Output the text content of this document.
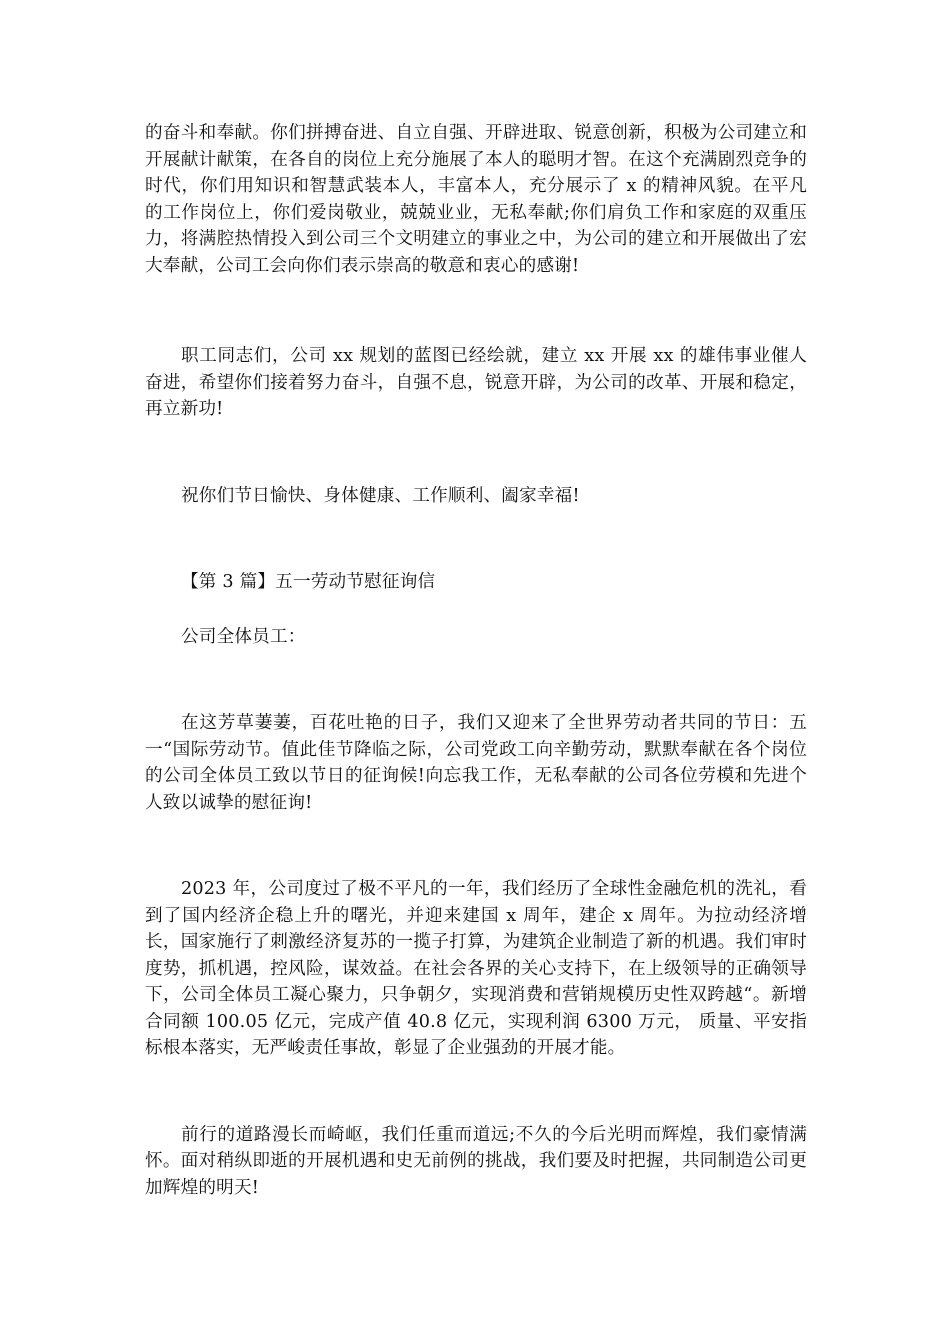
的奋斗和奉献。你们拼搏奋进、自立自强、开辟进取、锐意创新，积极为公司建立和开展献计献策，在各自的岗位上充分施展了本人的聪明才智。在这个充满剧烈竞争的时代，你们用知识和智慧武装本人，丰富本人，充分展示了 x 的精神风貌。在平凡的工作岗位上，你们爱岗敬业，兢兢业业，无私奉献;你们肩负工作和家庭的双重压力，将满腔热情投入到公司三个文明建立的事业之中，为公司的建立和开展做出了宏大奉献，公司工会向你们表示崇高的敬意和衷心的感谢!

职工同志们，公司 xx 规划的蓝图已经绘就，建立 xx 开展 xx 的雄伟事业催人奋进，希望你们接着努力奋斗，自强不息，锐意开辟，为公司的改革、开展和稳定，再立新功!

祝你们节日愉快、身体健康、工作顺利、阖家幸福!

【第 3 篇】五一劳动节慰征询信

公司全体员工：

在这芳草萋萋，百花吐艳的日子，我们又迎来了全世界劳动者共同的节日：五一“国际劳动节。值此佳节降临之际，公司党政工向辛勤劳动，默默奉献在各个岗位的公司全体员工致以节日的征询候!向忘我工作，无私奉献的公司各位劳模和先进个人致以诚挚的慰征询!

2023 年，公司度过了极不平凡的一年，我们经历了全球性金融危机的洗礼，看到了国内经济企稳上升的曙光，并迎来建国 x 周年，建企 x 周年。为拉动经济增长，国家施行了刺激经济复苏的一揽子打算，为建筑企业制造了新的机遇。我们审时度势，抓机遇，控风险，谋效益。在社会各界的关心支持下，在上级领导的正确领导下，公司全体员工凝心聚力，只争朝夕，实现消费和营销规模历史性双跨越“。新增合同额 100.05 亿元，完成产值 40.8 亿元，实现利润 6300 万元， 质量、平安指标根本落实，无严峻责任事故，彰显了企业强劲的开展才能。

前行的道路漫长而崎岖，我们任重而道远;不久的今后光明而辉煌，我们豪情满怀。面对稍纵即逝的开展机遇和史无前例的挑战，我们要及时把握，共同制造公司更加辉煌的明天!
